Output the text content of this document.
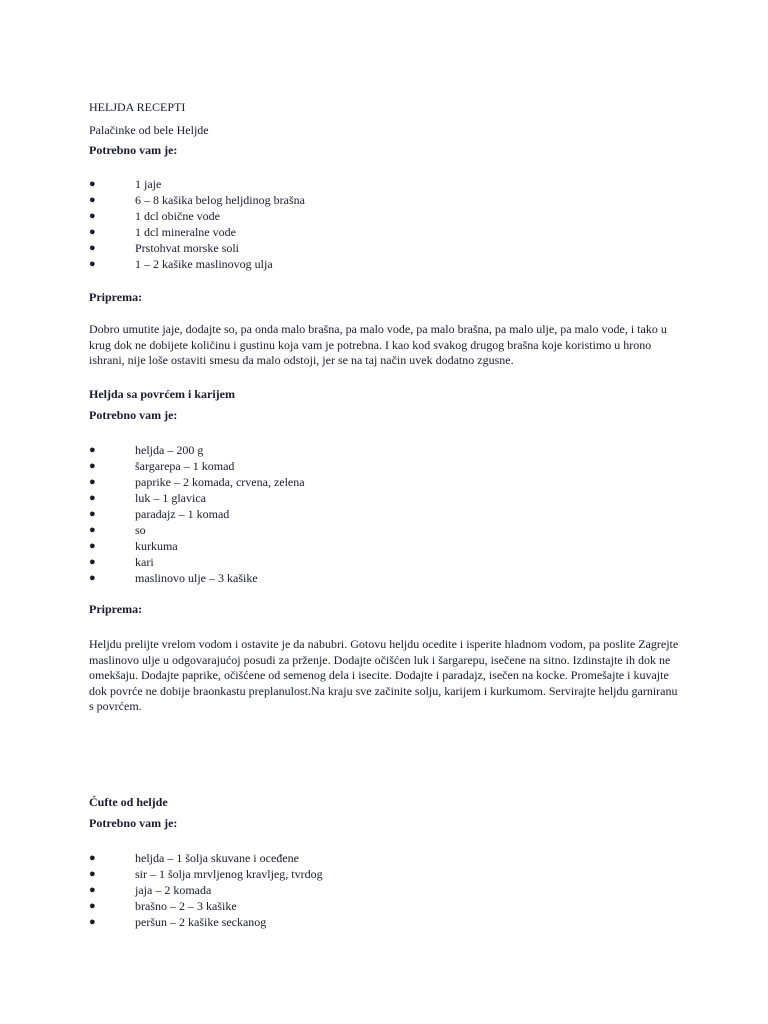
HELJDA RECEPTI
Palačinke od bele Heljde
Potrebno vam je:
●	1 jaje
●	6 – 8 kašika belog heljdinog brašna
●	1 dcl obične vode
●	1 dcl mineralne vode
●	Prstohvat morske soli
●	1 – 2 kašike maslinovog ulja
Priprema:
Dobro umutite jaje, dodajte so, pa onda malo brašna, pa malo vode, pa malo brašna, pa malo ulje, pa malo vode, i tako u krug dok ne dobijete količinu i gustinu koja vam je potrebna. I kao kod svakog drugog brašna koje koristimo u hrono ishrani, nije loše ostaviti smesu da malo odstoji, jer se na taj način uvek dodatno zgusne.
Heljda sa povrćem i karijem
Potrebno vam je:
●	heljda – 200 g
●	šargarepa – 1 komad
●	paprike – 2 komada, crvena, zelena
●	luk – 1 glavica
●	paradajz – 1 komad
●	so
●	kurkuma
●	kari
●	maslinovo ulje – 3 kašike
Priprema:
Heljdu prelijte vrelom vodom i ostavite je da nabubri. Gotovu heljdu ocedite i isperite hladnom vodom, pa poslite Zagrejte maslinovo ulje u odgovarajućoj posudi za prženje. Dodajte očišćen luk i šargarepu, isečene na sitno. Izdinstajte ih dok ne omekšaju. Dodajte paprike, očišćene od semenog dela i isecite. Dodajte i paradajz, isečen na kocke. Promešajte i kuvajte dok povrće ne dobije braonkastu preplanulost.Na kraju sve začinite solju, karijem i kurkumom. Servirajte heljdu garniranu s povrćem.
Ćufte od heljde
Potrebno vam je:
●	heljda – 1 šolja skuvane i oceđene
●	sir – 1 šolja mrvljenog kravljeg, tvrdog
●	jaja – 2 komada
●	brašno – 2 – 3 kašike
●	peršun – 2 kašike seckanog
